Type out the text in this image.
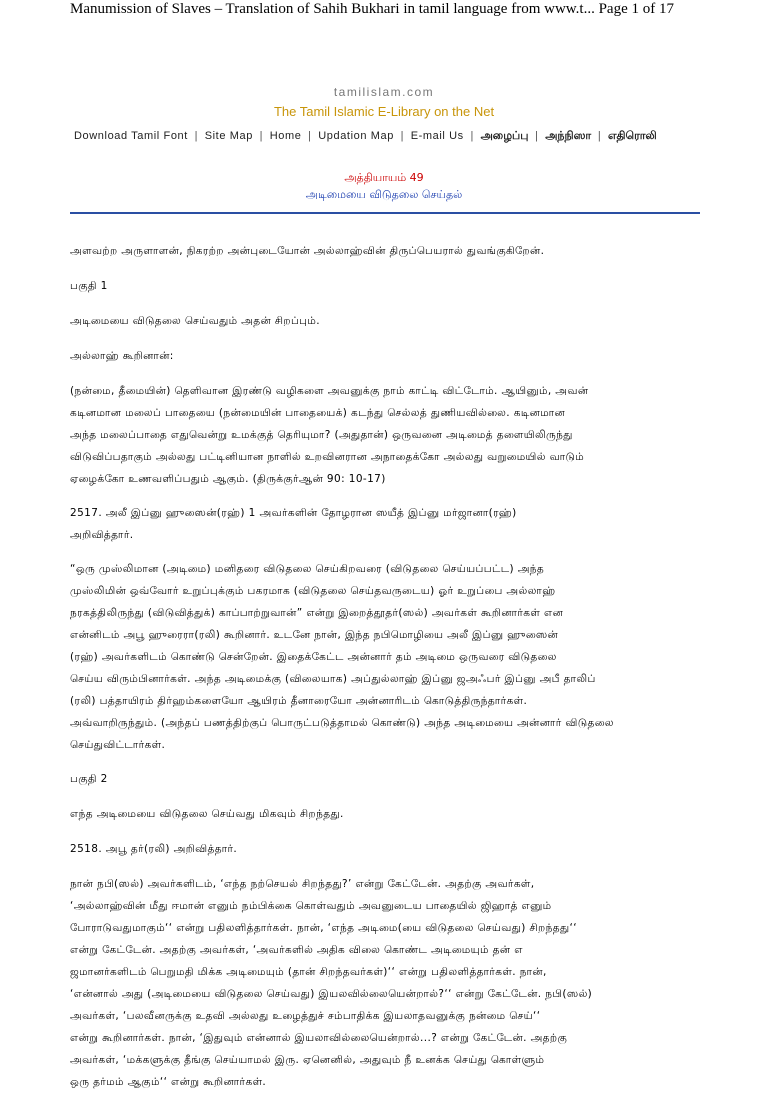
Manumission of Slaves – Translation of Sahih Bukhari in tamil language from www.t... Page 1 of 17
tamilislam.com
The Tamil Islamic E-Library on the Net
Download Tamil Font | Site Map | Home | Updation Map | E-mail Us | அழைப்பு | அந்நிஸா | எதிரொலி
அத்தியாயம் 49
அடிமையை விடுதலை செய்தல்

அளவற்ற அருளாளன், நிகரற்ற அன்புடையோன் அல்லாஹ்வின் திருப்பெயரால் துவங்குகிறேன்.

பகுதி 1

அடிமையை விடுதலை செய்வதும் அதன் சிறப்பும்.

அல்லாஹ் கூறினான்:

(நன்மை, தீமையின்) தெளிவான இரண்டு வழிகளை அவனுக்கு நாம் காட்டி விட்டோம். ஆயினும், அவன்
கடினமான மலைப் பாதையை (நன்மையின் பாதையைக்) கடந்து செல்லத் துணியவில்லை. கடினமான
அந்த மலைப்பாதை எதுவென்று உமக்குத் தெரியுமா? (அதுதான்) ஒருவனை அடிமைத் தளையிலிருந்து
விடுவிப்பதாகும் அல்லது பட்டினியான நாளில் உறவினரான அநாதைக்கோ அல்லது வறுமையில் வாடும்
ஏழைக்கோ உணவளிப்பதும் ஆகும். (திருக்குர்ஆன் 90: 10-17)

2517. அலீ இப்னு ஹுஸைன்(ரஹ்) 1 அவர்களின் தோழரான ஸயீத் இப்னு மர்ஜானா(ரஹ்)
அறிவித்தார்.

“ஒரு முஸ்லிமான (அடிமை) மனிதரை விடுதலை செய்கிறவரை (விடுதலை செய்யப்பட்ட) அந்த
முஸ்லிமின் ஒவ்வோர் உறுப்புக்கும் பகரமாக (விடுதலை செய்தவருடைய) ஓர் உறுப்பை அல்லாஹ்
நரகத்திலிருந்து (விடுவித்துக்) காப்பாற்றுவான்” என்று இறைத்தூதர்(ஸல்) அவர்கள் கூறினார்கள் என
என்னிடம் அபூ ஹுரைரா(ரலி) கூறினார். உடனே நான், இந்த நபிமொழியை அலீ இப்னு ஹுஸைன்
(ரஹ்) அவர்களிடம் கொண்டு சென்றேன். இதைக்கேட்ட அன்னார் தம் அடிமை ஒருவரை விடுதலை
செய்ய விரும்பினார்கள். அந்த அடிமைக்கு (விலையாக) அப்துல்லாஹ் இப்னு ஜஅஃபர் இப்னு அபீ தாலிப்
(ரலி) பத்தாயிரம் திர்ஹம்களையோ ஆயிரம் தீனாரையோ அன்னாரிடம் கொடுத்திருந்தார்கள்.
அவ்வாறிருந்தும். (அந்தப் பணத்திற்குப் பொருட்படுத்தாமல் கொண்டு) அந்த அடிமையை அன்னார் விடுதலை
செய்துவிட்டார்கள்.

பகுதி 2

எந்த அடிமையை விடுதலை செய்வது மிகவும் சிறந்தது.

2518. அபூ தர்(ரலி) அறிவித்தார்.

நான் நபி(ஸல்) அவர்களிடம், ‘எந்த நற்செயல் சிறந்தது?’ என்று கேட்டேன். அதற்கு அவர்கள்,
‘அல்லாஹ்வின் மீது ஈமான் எனும் நம்பிக்கை கொள்வதும் அவனுடைய பாதையில் ஜிஹாத் எனும்
போராடுவதுமாகும்‘‘ என்று பதிலளித்தார்கள். நான், ‘எந்த அடிமை(யை விடுதலை செய்வது) சிறந்தது‘‘
என்று கேட்டேன். அதற்கு அவர்கள், ‘அவர்களில் அதிக விலை கொண்ட அடிமையும் தன் எ
ஜமானர்களிடம் பெறுமதி மிக்க அடிமையும் (தான் சிறந்தவர்கள்)‘‘ என்று பதிலளித்தார்கள். நான்,
‘என்னால் அது (அடிமையை விடுதலை செய்வது) இயலவில்லையென்றால்?‘‘ என்று கேட்டேன். நபி(ஸல்)
அவர்கள், ‘பலவீனருக்கு உதவி அல்லது உழைத்துச் சம்பாதிக்க இயலாதவனுக்கு நன்மை செய்‘‘
என்று கூறினார்கள். நான், ‘இதுவும் என்னால் இயலாவில்லையென்றால்...? என்று கேட்டேன். அதற்கு
அவர்கள், ‘மக்களுக்கு தீங்கு செய்யாமல் இரு. ஏனெனில், அதுவும் நீ உனக்க செய்து கொள்ளும்
ஒரு தர்மம் ஆகும்‘‘ என்று கூறினார்கள்.
